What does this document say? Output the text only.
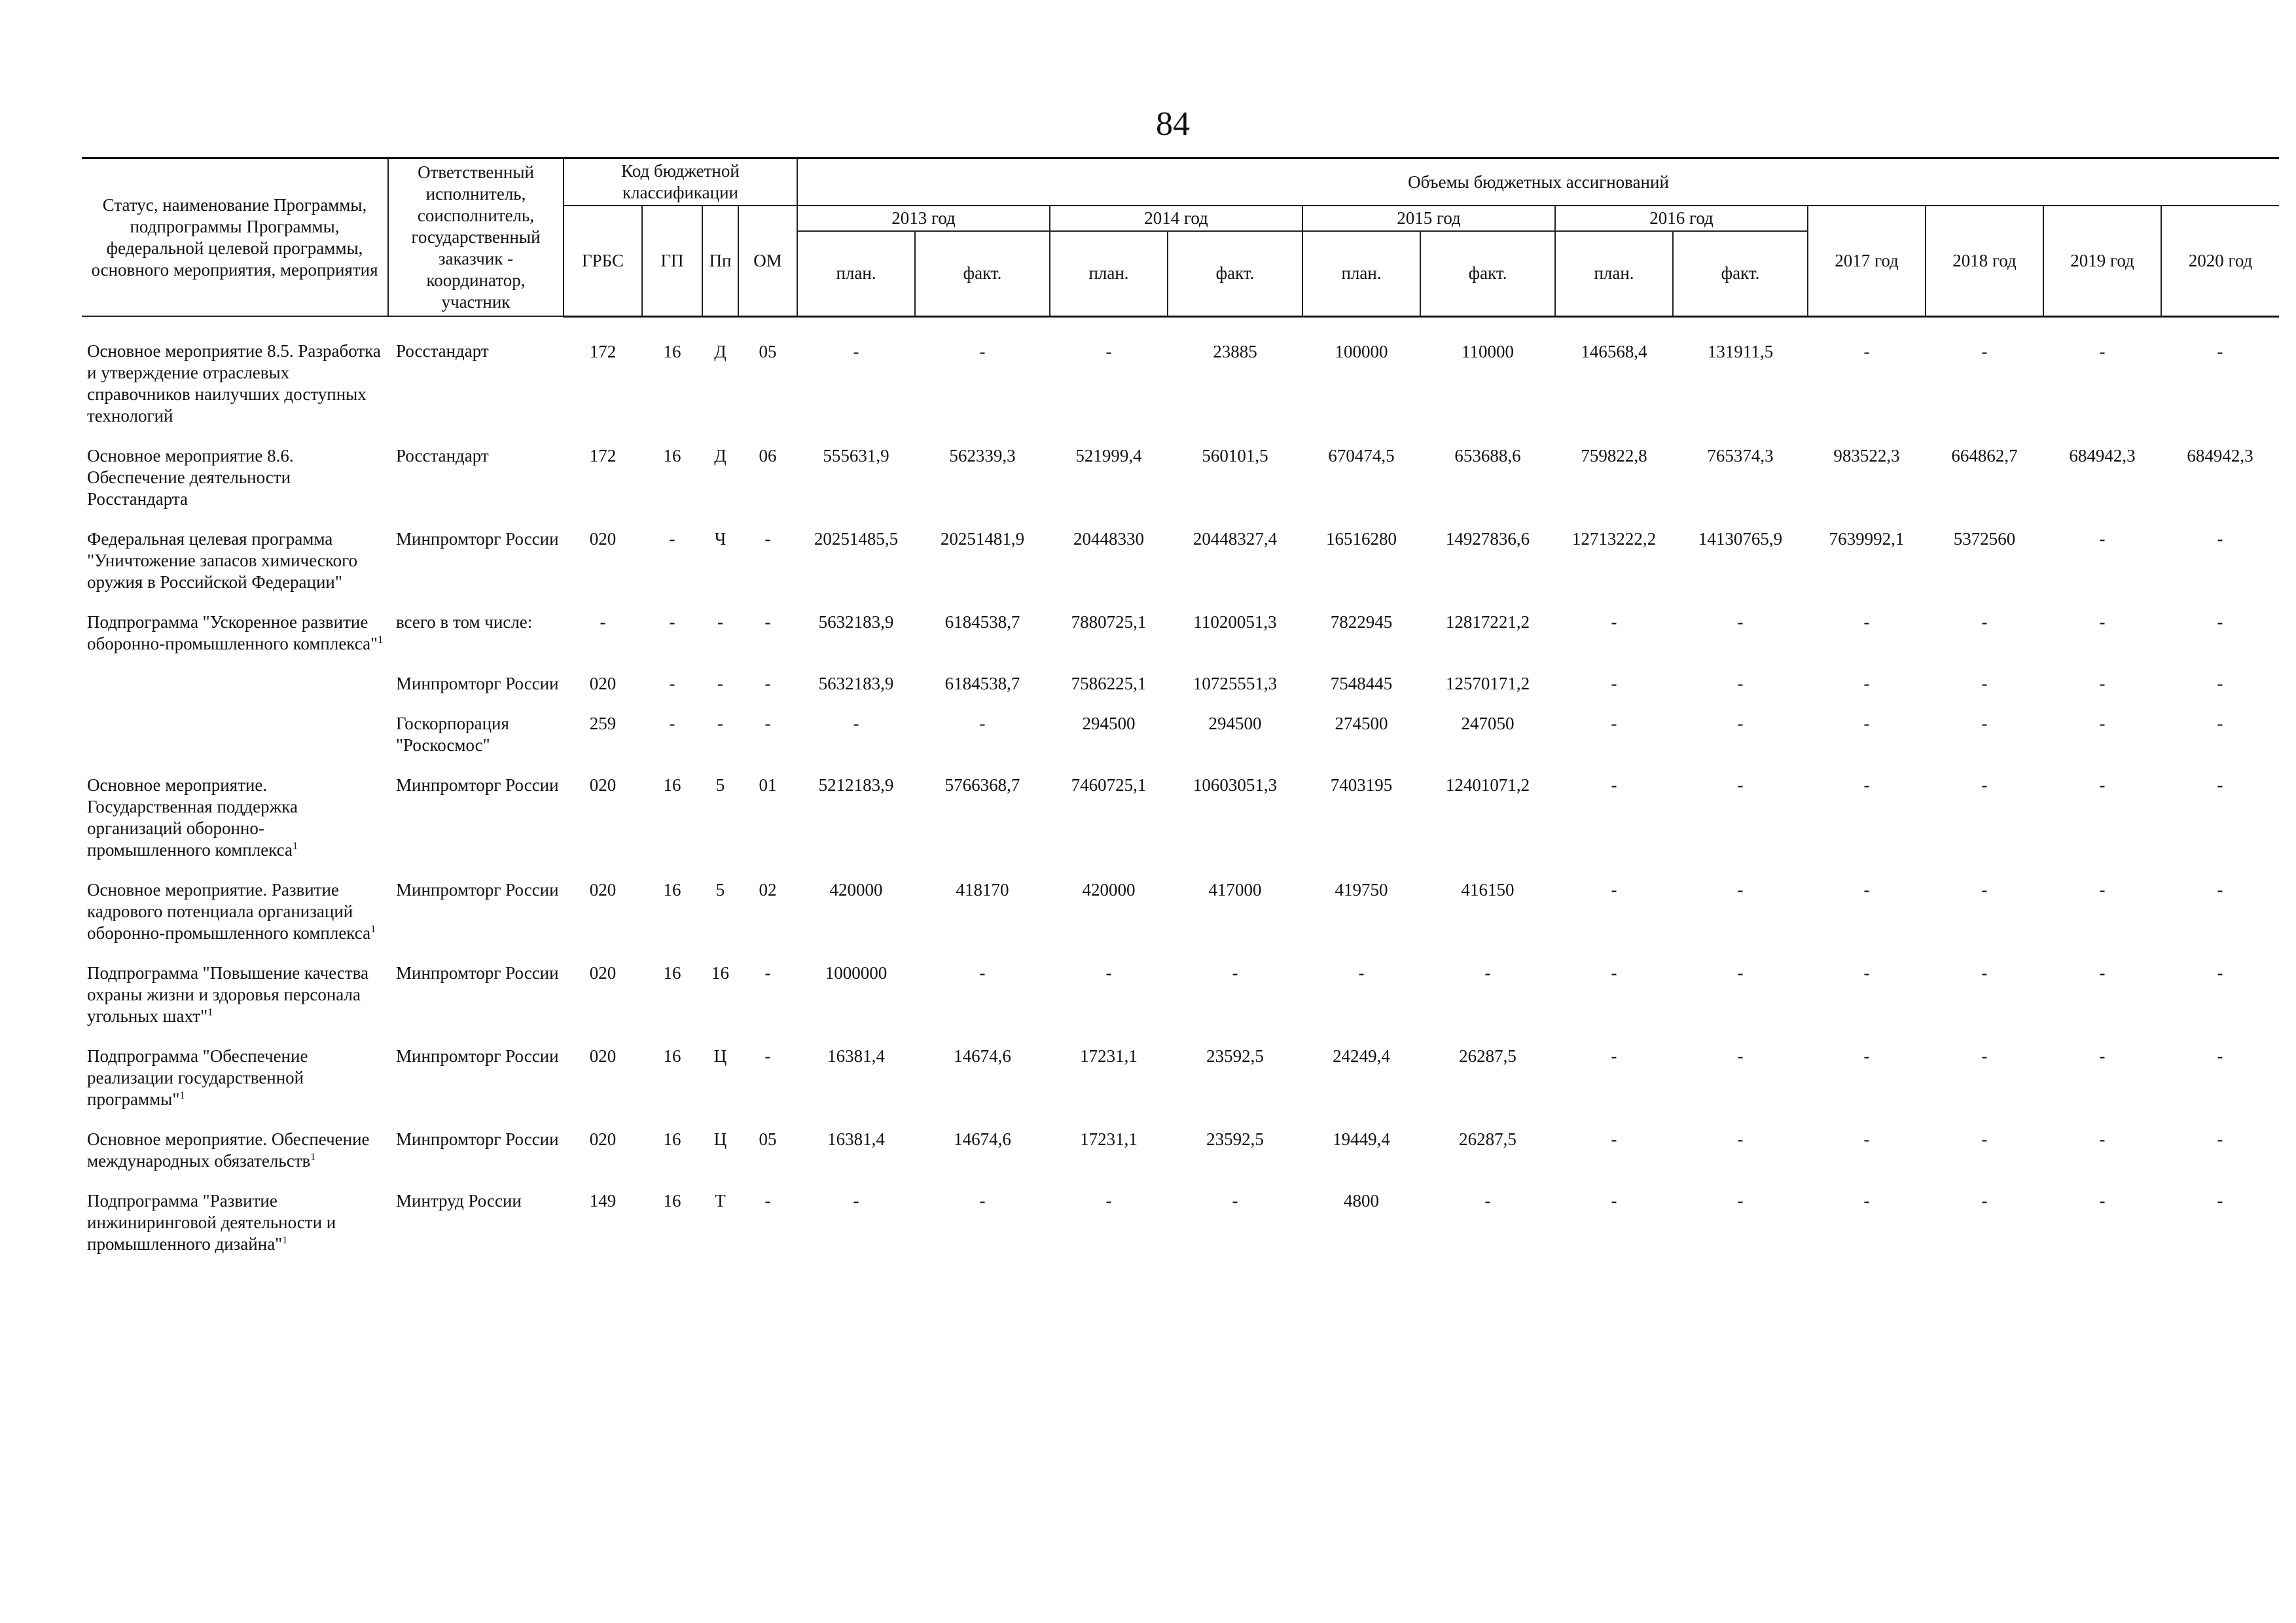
84
Статус, наименование Программы, подпрограммы Программы, федеральной целевой программы, основного мероприятия, мероприятия	Ответственный исполнитель, соисполнитель, государственный заказчик - координатор, участник	Код бюджетной классификации				Объемы бюджетных ассигнований											
		ГРБС	ГП	Пп	ОМ	2013 год		2014 год		2015 год		2016 год		2017 год	2018 год	2019 год	2020 год
						план.	факт.	план.	факт.	план.	факт.	план.	факт.				
Основное мероприятие 8.5. Разработка и утверждение отраслевых справочников наилучших доступных технологий	Росстандарт	172	16	Д	05	-	-	-	23885	100000	110000	146568,4	131911,5	-	-	-	-
Основное мероприятие 8.6. Обеспечение деятельности Росстандарта	Росстандарт	172	16	Д	06	555631,9	562339,3	521999,4	560101,5	670474,5	653688,6	759822,8	765374,3	983522,3	664862,7	684942,3	684942,3
Федеральная целевая программа "Уничтожение запасов химического оружия в Российской Федерации"	Минпромторг России	020	-	Ч	-	20251485,5	20251481,9	20448330	20448327,4	16516280	14927836,6	12713222,2	14130765,9	7639992,1	5372560	-	-
Подпрограмма "Ускоренное развитие оборонно-промышленного комплекса"$^1$	всего в том числе:	-	-	-	-	5632183,9	6184538,7	7880725,1	11020051,3	7822945	12817221,2	-	-	-	-	-	-
	Минпромторг России	020	-	-	-	5632183,9	6184538,7	7586225,1	10725551,3	7548445	12570171,2	-	-	-	-	-	-
	Госкорпорация "Роскосмос"	259	-	-	-	-	-	294500	294500	274500	247050	-	-	-	-	-	-
Основное мероприятие. Государственная поддержка организаций оборонно-промышленного комплекса$^1$	Минпромторг России	020	16	5	01	5212183,9	5766368,7	7460725,1	10603051,3	7403195	12401071,2	-	-	-	-	-	-
Основное мероприятие. Развитие кадрового потенциала организаций оборонно-промышленного комплекса$^1$	Минпромторг России	020	16	5	02	420000	418170	420000	417000	419750	416150	-	-	-	-	-	-
Подпрограмма "Повышение качества охраны жизни и здоровья персонала угольных шахт"$^1$	Минпромторг России	020	16	16	-	1000000	-	-	-	-	-	-	-	-	-	-	-
Подпрограмма "Обеспечение реализации государственной программы"$^1$	Минпромторг России	020	16	Ц	-	16381,4	14674,6	17231,1	23592,5	24249,4	26287,5	-	-	-	-	-	-
Основное мероприятие. Обеспечение международных обязательств$^1$	Минпромторг России	020	16	Ц	05	16381,4	14674,6	17231,1	23592,5	19449,4	26287,5	-	-	-	-	-	-
Подпрограмма "Развитие инжиниринговой деятельности и промышленного дизайна"$^1$	Минтруд России	149	16	Т	-	-	-	-	-	4800	-	-	-	-	-	-	-
